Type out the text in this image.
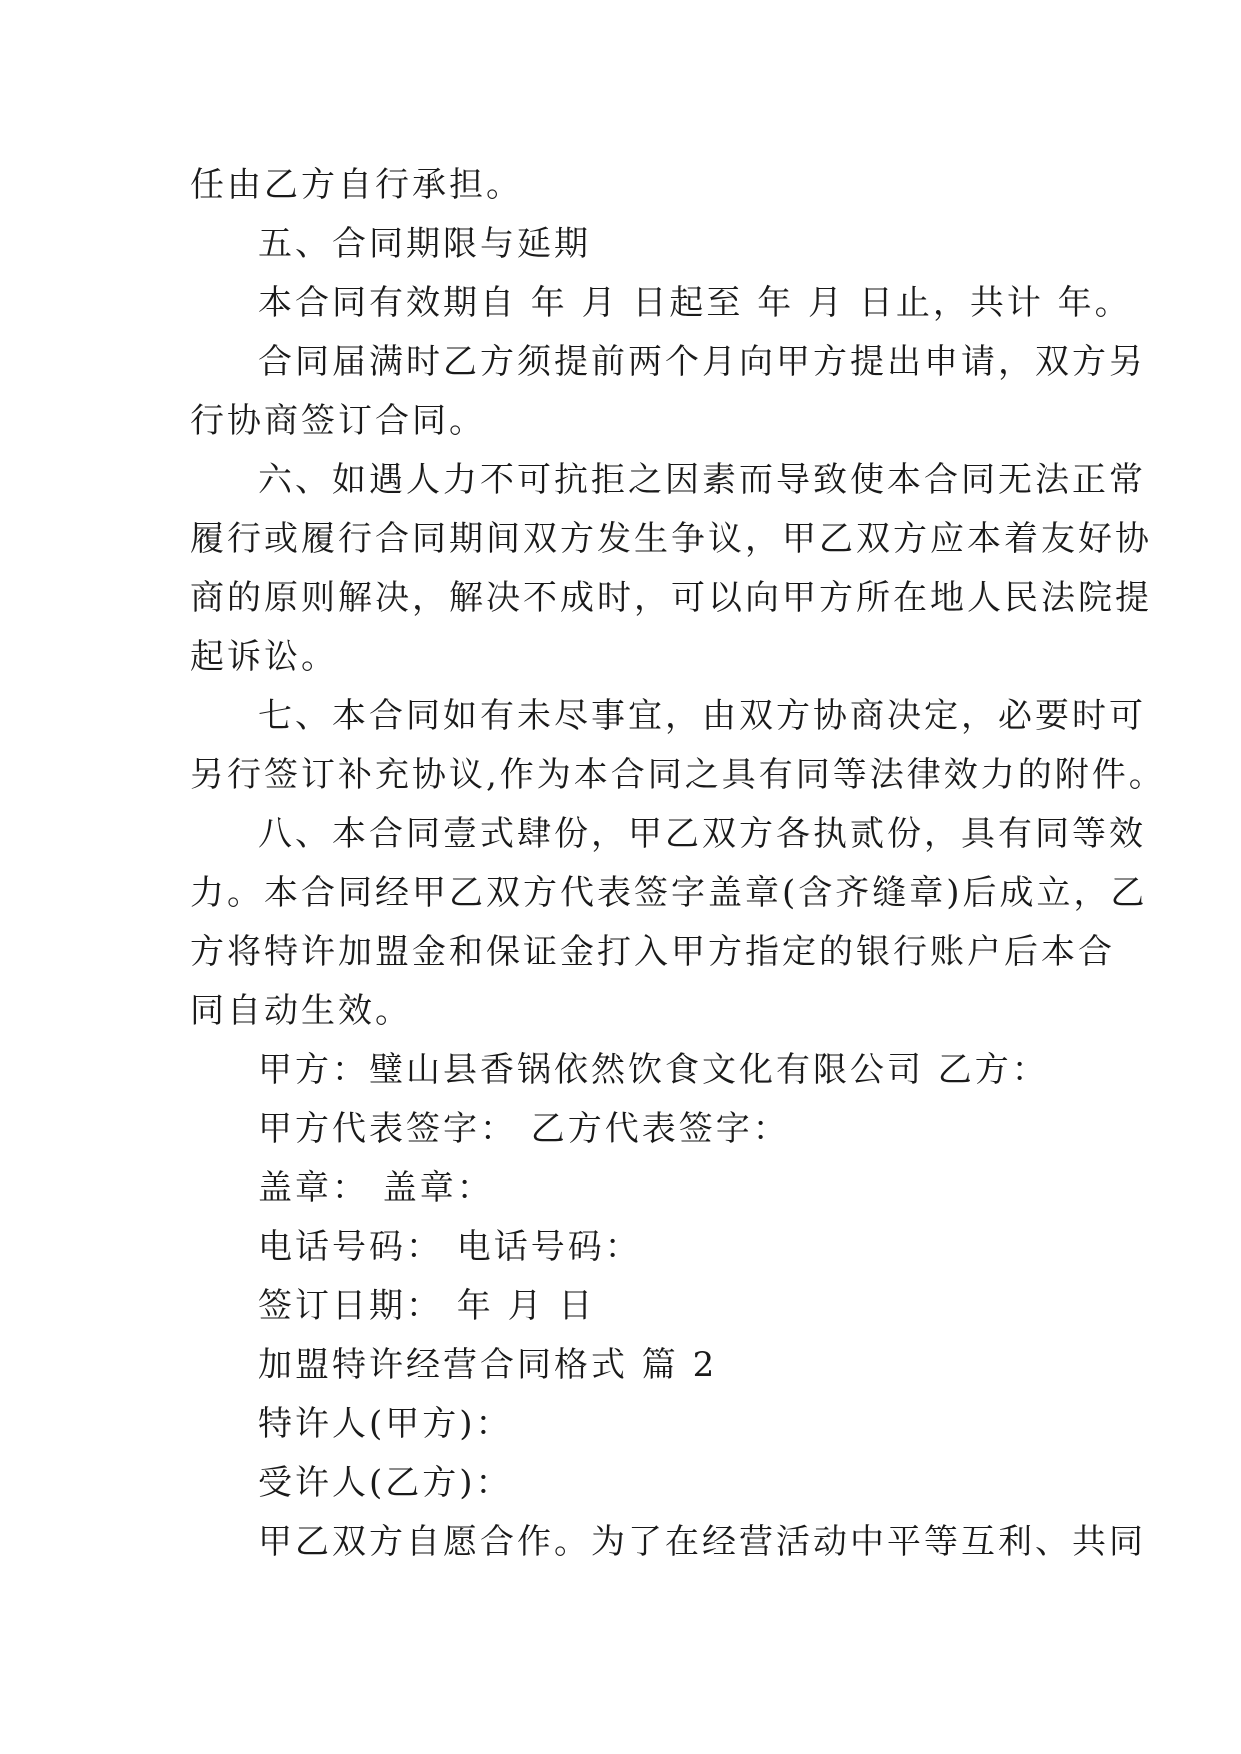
任由乙方自行承担。
五、合同期限与延期
本合同有效期自 年 月 日起至 年 月 日止，共计 年。
合同届满时乙方须提前两个月向甲方提出申请，双方另
行协商签订合同。
六、如遇人力不可抗拒之因素而导致使本合同无法正常
履行或履行合同期间双方发生争议，甲乙双方应本着友好协
商的原则解决，解决不成时，可以向甲方所在地人民法院提
起诉讼。
七、本合同如有未尽事宜，由双方协商决定，必要时可
另行签订补充协议,作为本合同之具有同等法律效力的附件。
八、本合同壹式肆份，甲乙双方各执贰份，具有同等效
力。本合同经甲乙双方代表签字盖章(含齐缝章)后成立，乙
方将特许加盟金和保证金打入甲方指定的银行账户后本合
同自动生效。
甲方：璧山县香锅依然饮食文化有限公司 乙方：
甲方代表签字： 乙方代表签字：
盖章： 盖章：
电话号码： 电话号码：
签订日期： 年 月 日
加盟特许经营合同格式 篇 2
特许人(甲方)：
受许人(乙方)：
甲乙双方自愿合作。为了在经营活动中平等互利、共同
